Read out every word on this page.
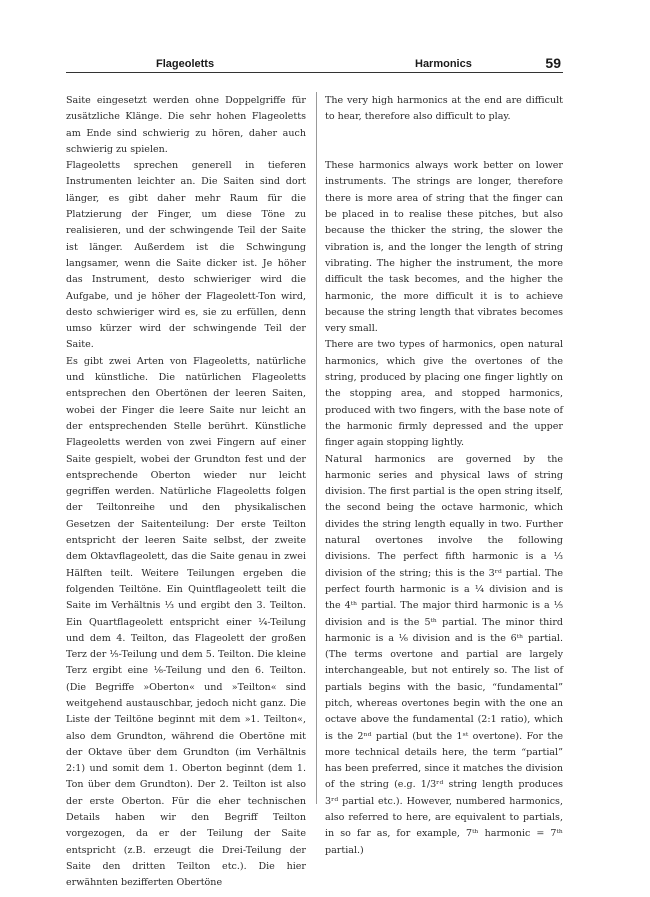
Flageoletts	Harmonics	59

Saite eingesetzt werden ohne Doppelgriffe für zusätzliche Klänge. Die sehr hohen Flageoletts am Ende sind schwierig zu hören, daher auch schwierig zu spielen.

Flageoletts sprechen generell in tieferen Instrumenten leichter an. Die Saiten sind dort länger, es gibt daher mehr Raum für die Platzierung der Finger, um diese Töne zu realisieren, und der schwingende Teil der Saite ist länger. Außerdem ist die Schwingung langsamer, wenn die Saite dicker ist. Je höher das Instrument, desto schwieriger wird die Aufgabe, und je höher der Flageolett-Ton wird, desto schwieriger wird es, sie zu erfüllen, denn umso kürzer wird der schwingende Teil der Saite.

Es gibt zwei Arten von Flageoletts, natürliche und künstliche. Die natürlichen Flageoletts entsprechen den Obertönen der leeren Saiten, wobei der Finger die leere Saite nur leicht an der entsprechenden Stelle berührt. Künstliche Flageoletts werden von zwei Fingern auf einer Saite gespielt, wobei der Grundton fest und der entsprechende Oberton wieder nur leicht gegriffen werden. Natürliche Flageoletts folgen der Teiltonreihe und den physikalischen Gesetzen der Saitenteilung: Der erste Teilton entspricht der leeren Saite selbst, der zweite dem Oktavflageolett, das die Saite genau in zwei Hälften teilt. Weitere Teilungen ergeben die folgenden Teiltöne. Ein Quintflageolett teilt die Saite im Verhältnis ¹⁄₃ und ergibt den 3. Teilton. Ein Quartflageolett entspricht einer ¹⁄₄-Teilung und dem 4. Teilton, das Flageolett der großen Terz der ¹⁄₅-Teilung und dem 5. Teilton. Die kleine Terz ergibt eine ¹⁄₆-Teilung und den 6. Teilton. (Die Begriffe »Oberton« und »Teilton« sind weitgehend austauschbar, jedoch nicht ganz. Die Liste der Teiltöne beginnt mit dem »1. Teilton«, also dem Grundton, während die Obertöne mit der Oktave über dem Grundton (im Verhältnis 2:1) und somit dem 1. Oberton beginnt (dem 1. Ton über dem Grundton). Der 2. Teilton ist also der erste Oberton. Für die eher technischen Details haben wir den Begriff Teilton vorgezogen, da er der Teilung der Saite entspricht (z.B. erzeugt die Drei-Teilung der Saite den dritten Teilton etc.). Die hier erwähnten bezifferten Obertöne

The very high harmonics at the end are difficult to hear, therefore also difficult to play.

These harmonics always work better on lower instruments. The strings are longer, therefore there is more area of string that the finger can be placed in to realise these pitches, but also because the thicker the string, the slower the vibration is, and the longer the length of string vibrating. The higher the instrument, the more difficult the task becomes, and the higher the harmonic, the more difficult it is to achieve because the string length that vibrates becomes very small.

There are two types of harmonics, open natural harmonics, which give the overtones of the string, produced by placing one finger lightly on the stopping area, and stopped harmonics, produced with two fingers, with the base note of the harmonic firmly depressed and the upper finger again stopping lightly.

Natural harmonics are governed by the harmonic series and physical laws of string division. The first partial is the open string itself, the second being the octave harmonic, which divides the string length equally in two. Further natural overtones involve the following divisions. The perfect fifth harmonic is a ¹⁄₃ division of the string; this is the 3ʳᵈ partial. The perfect fourth harmonic is a ¹⁄₄ division and is the 4ᵗʰ partial. The major third harmonic is a ¹⁄₅ division and is the 5ᵗʰ partial. The minor third harmonic is a ¹⁄₆ division and is the 6ᵗʰ partial. (The terms overtone and partial are largely interchangeable, but not entirely so. The list of partials begins with the basic, “fundamental” pitch, whereas overtones begin with the one an octave above the fundamental (2:1 ratio), which is the 2ⁿᵈ partial (but the 1ˢᵗ overtone). For the more technical details here, the term “partial” has been preferred, since it matches the division of the string (e.g. 1/3ʳᵈ string length produces 3ʳᵈ partial etc.). However, numbered harmonics, also referred to here, are equivalent to partials, in so far as, for example, 7ᵗʰ harmonic = 7ᵗʰ partial.)
